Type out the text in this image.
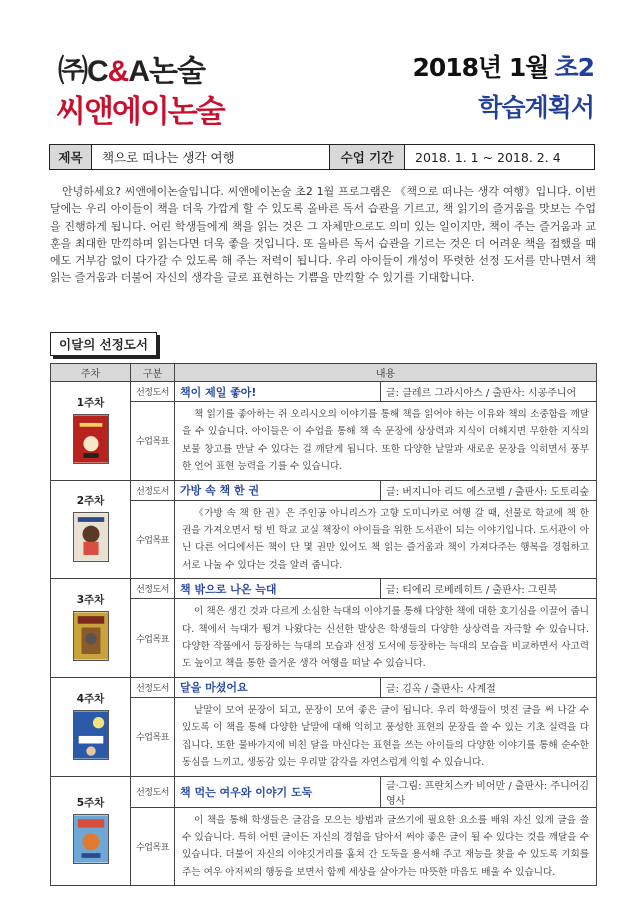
㈜C&A논술
씨앤에이논술
2018년 1월 초2
학습계획서
제목	책으로 떠나는 생각 여행	수업 기간	2018. 1. 1 ~ 2018. 2. 4

안녕하세요? 씨앤에이논술입니다. 씨앤에이논술 초2 1월 프로그램은 《책으로 떠나는 생각 여행》입니다. 이번 달에는 우리 아이들이 책을 더욱 가깝게 할 수 있도록 올바른 독서 습관을 기르고, 책 읽기의 즐거움을 맛보는 수업을 진행하게 됩니다. 어린 학생들에게 책을 읽는 것은 그 자체만으로도 의미 있는 일이지만, 책이 주는 즐거움과 교훈을 최대한 만끽하며 읽는다면 더욱 좋을 것입니다. 또 올바른 독서 습관을 기르는 것은 더 어려운 책을 접했을 때에도 거부감 없이 다가갈 수 있도록 해 주는 저력이 됩니다. 우리 아이들이 개성이 뚜렷한 선정 도서를 만나면서 책 읽는 즐거움과 더불어 자신의 생각을 글로 표현하는 기쁨을 만끽할 수 있기를 기대합니다.

이달의 선정도서
주차	구분	내용	

1주차	선정도서	책이 제일 좋아!	글: 클레르 그라시아스 / 출판사: 시공주니어
	수업목표	책 읽기를 좋아하는 쥐 오리시오의 이야기를 통해 책을 읽어야 하는 이유와 책의 소중함을 깨달을 수 있습니다. 아이들은 이 수업을 통해 책 속 문장에 상상력과 지식이 더해지면 무한한 지식의 보물 창고를 만날 수 있다는 걸 깨닫게 됩니다. 또한 다양한 낱말과 새로운 문장을 익히면서 풍부한 언어 표현 능력을 기를 수 있습니다.	

2주차	선정도서	가방 속 책 한 권	글: 버지니아 리드 에스코벨 / 출판사: 도토리숲
	수업목표	《가방 속 책 한 권》은 주인공 아니리스가 고향 도미니카로 여행 갈 때, 선물로 학교에 책 한 권을 가져오면서 텅 빈 학교 교실 책장이 아이들을 위한 도서관이 되는 이야기입니다. 도서관이 아닌 다른 어디에서든 책이 단 몇 권만 있어도 책 읽는 즐거움과 책이 가져다주는 행복을 경험하고 서로 나눌 수 있다는 것을 알려 줍니다.	

3주차	선정도서	책 밖으로 나온 늑대	글: 티에리 로베레히트 / 출판사: 그린북
	수업목표	이 책은 생긴 것과 다르게 소심한 늑대의 이야기를 통해 다양한 책에 대한 호기심을 이끌어 줍니다. 책에서 늑대가 튕겨 나왔다는 신선한 발상은 학생들의 다양한 상상력을 자극할 수 있습니다. 다양한 작품에서 등장하는 늑대의 모습과 선정 도서에 등장하는 늑대의 모습을 비교하면서 사고력도 높이고 책을 통한 즐거운 생각 여행을 떠날 수 있습니다.	

4주차	선정도서	달을 마셨어요	글: 김옥 / 출판사: 사계절
	수업목표	낱말이 모여 문장이 되고, 문장이 모여 좋은 글이 됩니다. 우리 학생들이 멋진 글을 써 나갈 수 있도록 이 책을 통해 다양한 낱말에 대해 익히고 풍성한 표현의 문장을 쓸 수 있는 기초 실력을 다집니다. 또한 물바가지에 비친 달을 마신다는 표현을 쓰는 아이들의 다양한 이야기를 통해 순수한 동심을 느끼고, 생동감 있는 우리말 감각을 자연스럽게 익힐 수 있습니다.	

5주차	선정도서	책 먹는 여우와 이야기 도둑	글·그림: 프란치스카 비어만 / 출판사: 주니어김영사
	수업목표	이 책을 통해 학생들은 글감을 모으는 방법과 글쓰기에 필요한 요소를 배워 자신 있게 글을 쓸 수 있습니다. 특히 어떤 글이든 자신의 경험을 담아서 써야 좋은 글이 될 수 있다는 것을 깨달을 수 있습니다. 더불어 자신의 이야깃거리를 훔쳐 간 도둑을 용서해 주고 재능을 찾을 수 있도록 기회를 주는 여우 아저씨의 행동을 보면서 함께 세상을 살아가는 따뜻한 마음도 배울 수 있습니다.	
